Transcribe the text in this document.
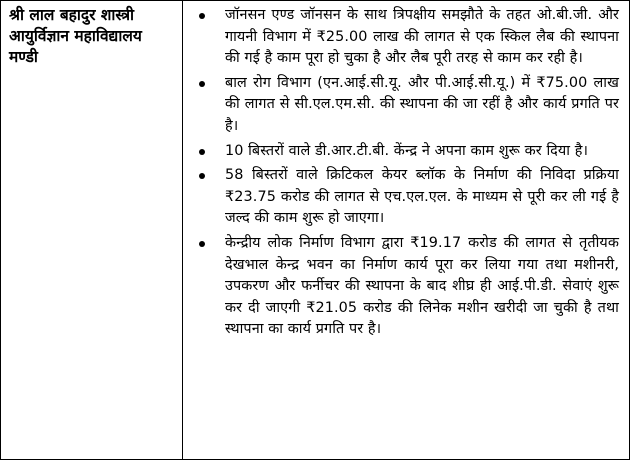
श्री लाल बहादुर शास्त्री आयुर्विज्ञान महाविद्यालय मण्डी

जॉनसन एण्ड जॉनसन के साथ त्रिपक्षीय समझौते के तहत ओ.बी.जी. और गायनी विभाग में ₹25.00 लाख की लागत से एक स्किल लैब की स्थापना की गई है काम पूरा हो चुका है और लैब पूरी तरह से काम कर रही है।
बाल रोग विभाग (एन.आई.सी.यू. और पी.आई.सी.यू.) में ₹75.00 लाख की लागत से सी.एल.एम.सी. की स्थापना की जा रहीं है और कार्य प्रगति पर है।
10 बिस्तरों वाले डी.आर.टी.बी. केंन्द्र ने अपना काम शुरू कर दिया है।
58 बिस्तरों वाले क्रिटिकल केयर ब्लॉक के निर्माण की निविदा प्रक्रिया ₹23.75 करोड की लागत से एच.एल.एल. के माध्यम से पूरी कर ली गई है जल्द की काम शुरू हो जाएगा।
केन्द्रीय लोक निर्माण विभाग द्वारा ₹19.17 करोड की लागत से तृतीयक देखभाल केन्द्र भवन का निर्माण कार्य पूरा कर लिया गया तथा मशीनरी, उपकरण और फर्नीचर की स्थापना के बाद शीघ्र ही आई.पी.डी. सेवाएं शुरू कर दी जाएगी ₹21.05 करोड की लिनेक मशीन खरीदी जा चुकी है तथा स्थापना का कार्य प्रगति पर है।
